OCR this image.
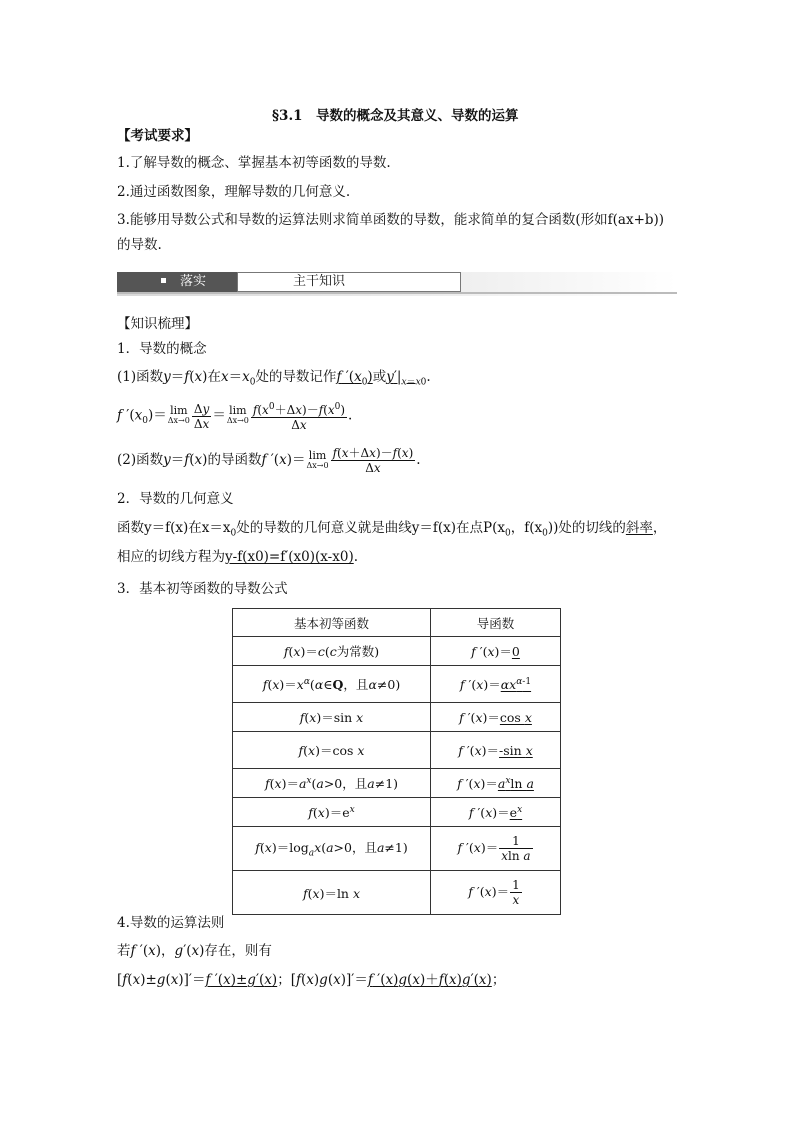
§3.1　导数的概念及其意义、导数的运算
【考试要求】
1.了解导数的概念、掌握基本初等函数的导数.
2.通过函数图象，理解导数的几何意义.
3.能够用导数公式和导数的运算法则求简单函数的导数，能求简单的复合函数(形如f(ax+b))
的导数.
落实	主干知识
【知识梳理】
1．导数的概念
(1)函数y＝f(x)在$x=x_0$处的导数记作f $'(x_0)$或$y'|_{x=x0}$.
f $'(x_0)= \lim$
$\Delta x\to 0 \frac{\Delta y}{\Delta x} = \lim$
$\Delta x\to 0 \frac{f(x^0+\Delta x)-f(x^0)}{\Delta x}$ .
(2)函数y＝f(x)的导函数f ′(x)＝ lim
$\Delta x\to 0 \frac{f(x+\Delta x)-f(x)}{\Delta x}$ .
2．导数的几何意义
函数y＝f(x)在$x=x_0$处的导数的几何意义就是曲线y＝f(x)在点$P(x_0$，$f(x_0)$)处的切线的斜率，
相应的切线方程为y-f(x0)=f′(x0)(x-x0).
3．基本初等函数的导数公式
基本初等函数	导函数
f(x)＝c(c为常数)	f ′(x)＝0
$f(x)=x^\alpha(\alpha\in Q$，且α≠0)	f $'(x)=\alpha x^{\alpha-1}$
f(x)＝sin x	f ′(x)＝cos x
f(x)＝cos x	f ′(x)＝-sin x
$f(x)=a^x(a>0$，且a≠1)	f $'(x)=a^x\ln$ a
$f(x)=e^x$	f $'(x)=e^x$
$f(x)=\log_ax(a>0$，且a≠1)	f $'(x)= \frac{1}{\text{xln a}}$

f(x)＝ln x	f $'(x)= \frac{1}{x}$
4.导数的运算法则
若f ′(x)，g′(x)存在，则有
[f(x)±g(x)]′＝f ′(x)±g′(x)；[f(x)g(x)]′＝f ′(x)g(x)＋f(x)g′(x)；
